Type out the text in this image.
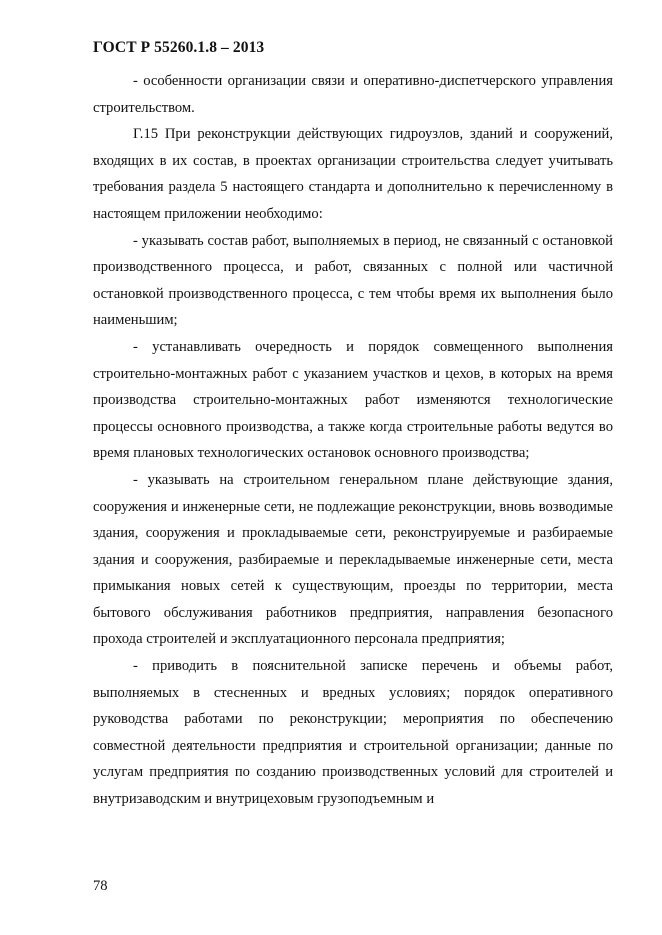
ГОСТ Р 55260.1.8 – 2013

- особенности организации связи и оперативно-диспетчерского управления строительством.

Г.15 При реконструкции действующих гидроузлов, зданий и сооружений, входящих в их состав, в проектах организации строительства следует учитывать требования раздела 5 настоящего стандарта и дополнительно к перечисленному в настоящем приложении необходимо:

- указывать состав работ, выполняемых в период, не связанный с остановкой производственного процесса, и работ, связанных с полной или частичной остановкой производственного процесса, с тем чтобы время их выполнения было наименьшим;

- устанавливать очередность и порядок совмещенного выполнения строительно-монтажных работ с указанием участков и цехов, в которых на время производства строительно-монтажных работ изменяются технологические процессы основного производства, а также когда строительные работы ведутся во время плановых технологических остановок основного производства;

- указывать на строительном генеральном плане действующие здания, сооружения и инженерные сети, не подлежащие реконструкции, вновь возводимые здания, сооружения и прокладываемые сети, реконструируемые и разбираемые здания и сооружения, разбираемые и перекладываемые инженерные сети, места примыкания новых сетей к существующим, проезды по территории, места бытового обслуживания работников предприятия, направления безопасного прохода строителей и эксплуатационного персонала предприятия;

- приводить в пояснительной записке перечень и объемы работ, выполняемых в стесненных и вредных условиях; порядок оперативного руководства работами по реконструкции; мероприятия по обеспечению совместной деятельности предприятия и строительной организации; данные по услугам предприятия по созданию производственных условий для строителей и внутризаводским и внутрицеховым грузоподъемным и

78
